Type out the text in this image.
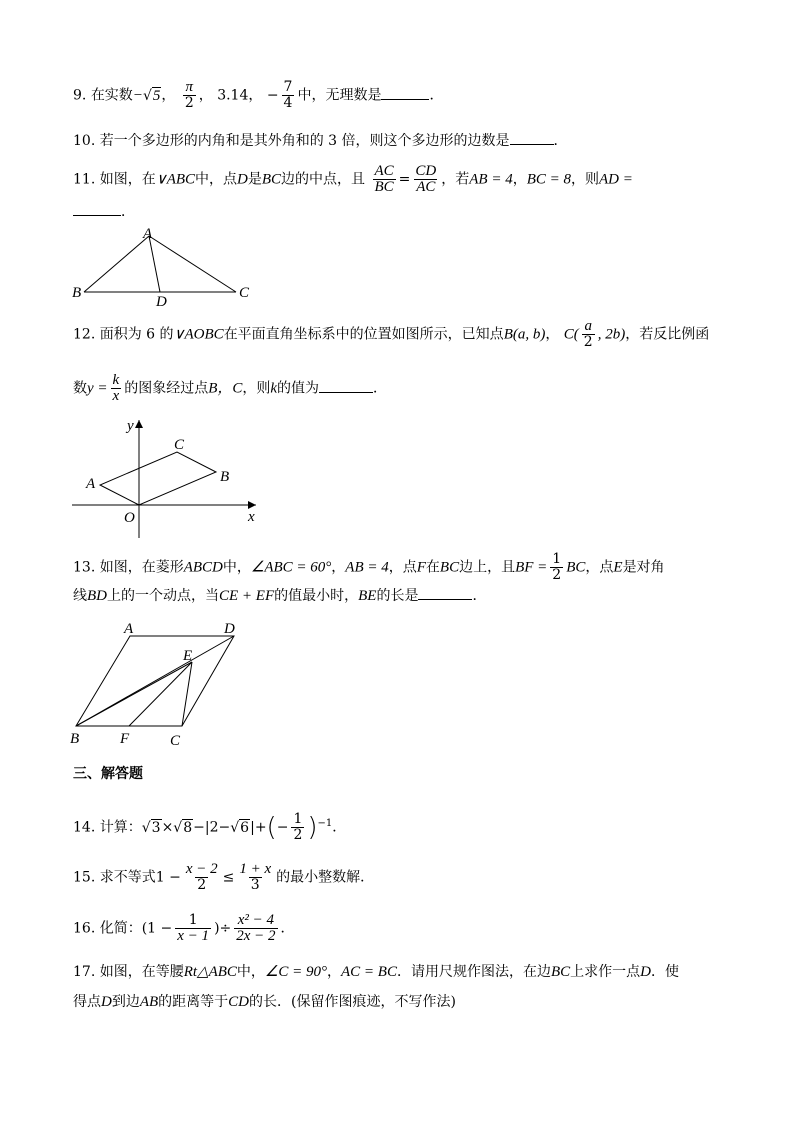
9. 在实数−√5， $\frac{\pi}{2}$ ， 3.14， − $\frac{7}{4}$ 中，无理数是	．
10. 若一个多边形的内角和是其外角和的 3 倍，则这个多边形的边数是	．
11. 如图，在∨ABC中，点D是BC边的中点，且 $\frac{AC}{BC} = \frac{CD}{AC}$ ，若AB = 4，BC = 8，则AD =
．
A
B	C
D
12. 面积为 6 的∨AOBC在平面直角坐标系中的位置如图所示，已知点B(a, b)， $C( \frac{a}{2}$ , 2b)，若反比例函
数$y = \frac{k}{x}$ 的图象经过点B，C，则k的值为	．
y
x
O
A	B
C
13. 如图，在菱形ABCD中，∠ABC = 60°，AB = 4，点F在BC边上，且BF = $\frac{1}{2}$ BC，点E是对角
线BD上的一个动点，当CE + EF的值最小时，BE的长是	．
A	D
E
B	F	C
三、解答题
14. 计算：$√3\times√8-|2-√6|+(- \frac{1}{2} )^{-1}$．
15. 求不等式$1 - \frac{x - 2}{2} \le \frac{1 + x}{3}$ 的最小整数解．
16. 化简：($1 - \frac{1}{x - 1}$ )÷ $\frac{\text{x² − 4}}{2x - 2}$ ．
17. 如图，在等腰Rt△ABC中，∠C = 90°，AC = BC．请用尺规作图法，在边BC上求作一点D．使
得点D到边AB的距离等于CD的长．(保留作图痕迹，不写作法)
